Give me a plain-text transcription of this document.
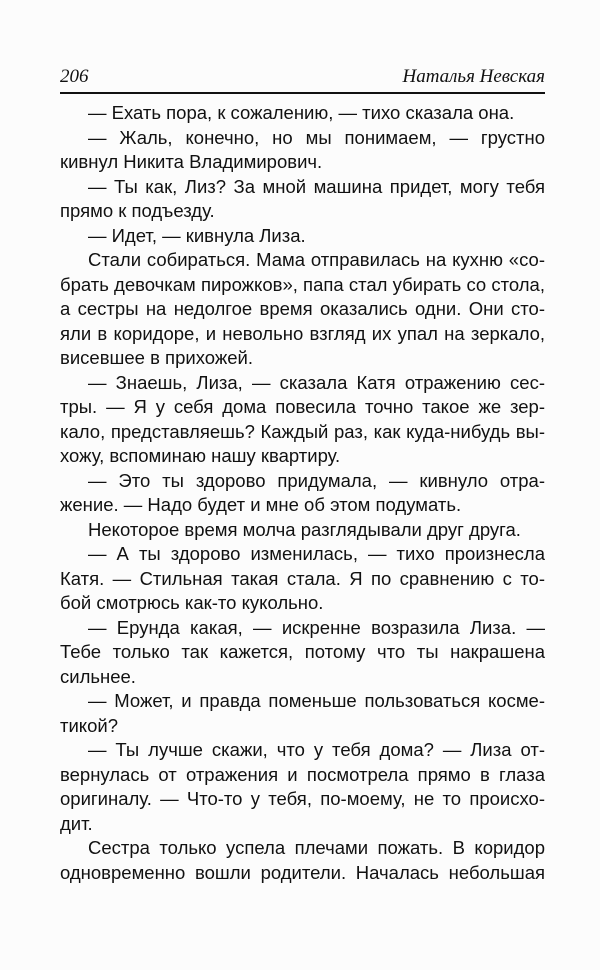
206	Наталья Невская
— Ехать пора, к сожалению, — тихо сказала она.
— Жаль, конечно, но мы понимаем, — грустно
кивнул Никита Владимирович.
— Ты как, Лиз? За мной машина придет, могу тебя
прямо к подъезду.
— Идет, — кивнула Лиза.
Стали собираться. Мама отправилась на кухню «со-
брать девочкам пирожков», папа стал убирать со стола,
а сестры на недолгое время оказались одни. Они сто-
яли в коридоре, и невольно взгляд их упал на зеркало,
висевшее в прихожей.
— Знаешь, Лиза, — сказала Катя отражению сес-
тры. — Я у себя дома повесила точно такое же зер-
кало, представляешь? Каждый раз, как куда-нибудь вы-
хожу, вспоминаю нашу квартиру.
— Это ты здорово придумала, — кивнуло отра-
жение. — Надо будет и мне об этом подумать.
Некоторое время молча разглядывали друг друга.
— А ты здорово изменилась, — тихо произнесла
Катя. — Стильная такая стала. Я по сравнению с то-
бой смотрюсь как-то кукольно.
— Ерунда какая, — искренне возразила Лиза. —
Тебе только так кажется, потому что ты накрашена
сильнее.
— Может, и правда поменьше пользоваться косме-
тикой?
— Ты лучше скажи, что у тебя дома? — Лиза от-
вернулась от отражения и посмотрела прямо в глаза
оригиналу. — Что-то у тебя, по-моему, не то происхо-
дит.
Сестра только успела плечами пожать. В коридор
одновременно вошли родители. Началась небольшая
